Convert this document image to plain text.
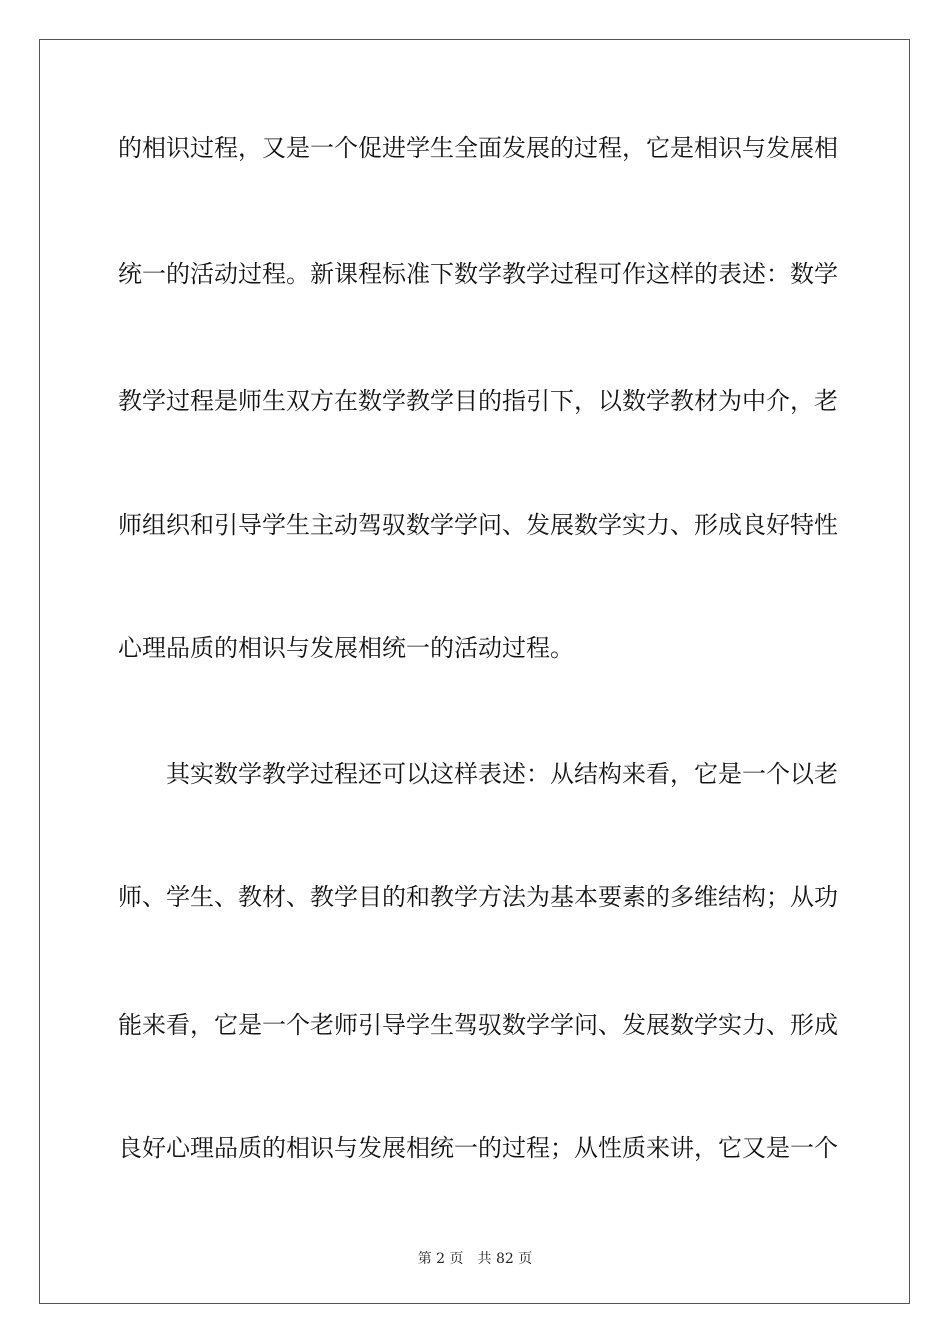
的相识过程，又是一个促进学生全面发展的过程，它是相识与发展相
统一的活动过程。新课程标准下数学教学过程可作这样的表述：数学
教学过程是师生双方在数学教学目的指引下，以数学教材为中介，老
师组织和引导学生主动驾驭数学学问、发展数学实力、形成良好特性
心理品质的相识与发展相统一的活动过程。
其实数学教学过程还可以这样表述：从结构来看，它是一个以老
师、学生、教材、教学目的和教学方法为基本要素的多维结构；从功
能来看，它是一个老师引导学生驾驭数学学问、发展数学实力、形成
良好心理品质的相识与发展相统一的过程；从性质来讲，它又是一个
第 2 页　共 82 页
